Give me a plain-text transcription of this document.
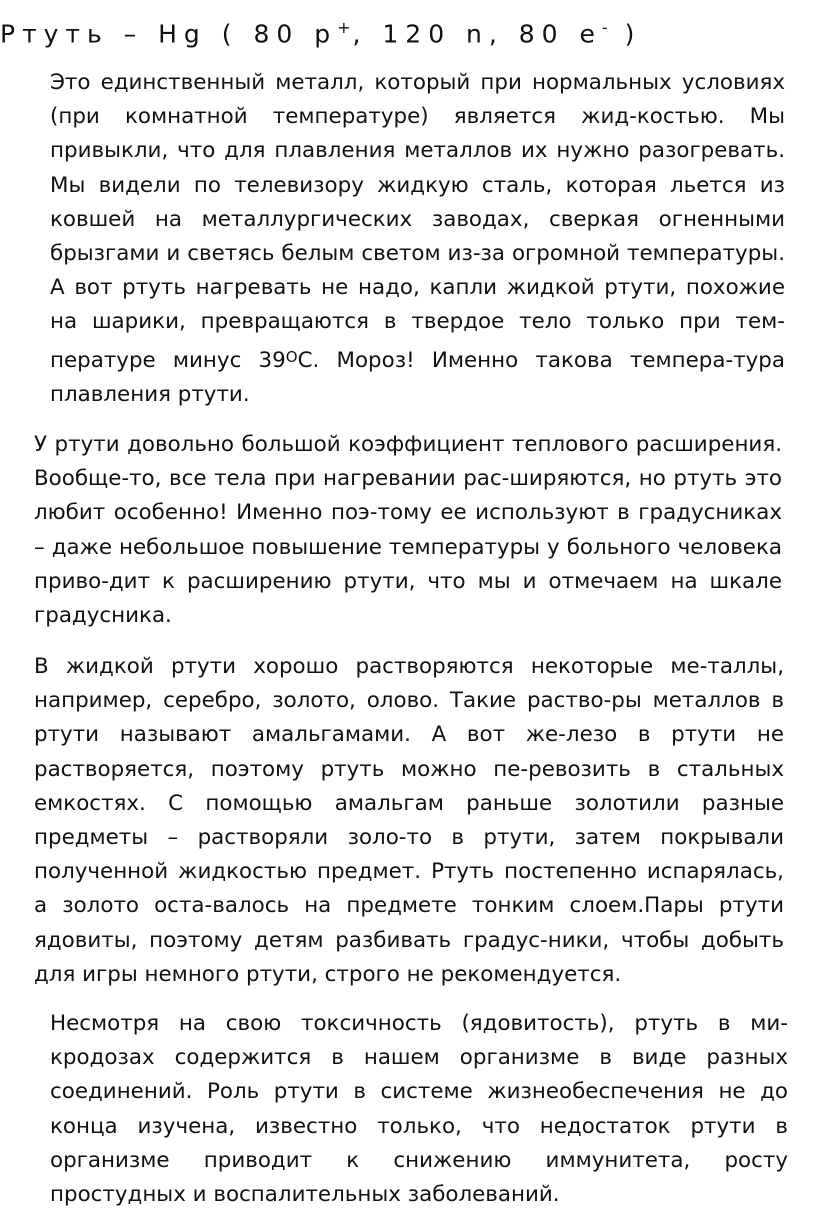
Ртуть – Hg ( 80 p+, 120 n, 80 e- )

Это единственный металл, который при нормальных условиях (при комнатной температуре) является жид-костью. Мы привыкли, что для плавления металлов их нужно разогревать. Мы видели по телевизору жидкую сталь, которая льется из ковшей на металлургических заводах, сверкая огненными брызгами и светясь белым светом из-за огромной температуры. А вот ртуть нагревать не надо, капли жидкой ртути, похожие на шарики, превращаются в твердое тело только при тем-пературе минус $39^ОС$. Мороз! Именно такова темпера-тура плавления ртути.

У ртути довольно большой коэффициент теплового расширения. Вообще-то, все тела при нагревании рас-ширяются, но ртуть это любит особенно! Именно поэ-тому ее используют в градусниках – даже небольшое повышение температуры у больного человека приво-дит к расширению ртути, что мы и отмечаем на шкале градусника.

В жидкой ртути хорошо растворяются некоторые ме-таллы, например, серебро, золото, олово. Такие раство-ры металлов в ртути называют амальгамами. А вот же-лезо в ртути не растворяется, поэтому ртуть можно пе-ревозить в стальных емкостях. С помощью амальгам раньше золотили разные предметы – растворяли золо-то в ртути, затем покрывали полученной жидкостью предмет. Ртуть постепенно испарялась, а золото оста-валось на предмете тонким слоем.Пары ртути ядовиты, поэтому детям разбивать градус-ники, чтобы добыть для игры немного ртути, строго не рекомендуется.

Несмотря на свою токсичность (ядовитость), ртуть в ми-кродозах содержится в нашем организме в виде разных соединений. Роль ртути в системе жизнеобеспечения не до конца изучена, известно только, что недостаток ртути в организме приводит к снижению иммунитета, росту простудных и воспалительных заболеваний.
